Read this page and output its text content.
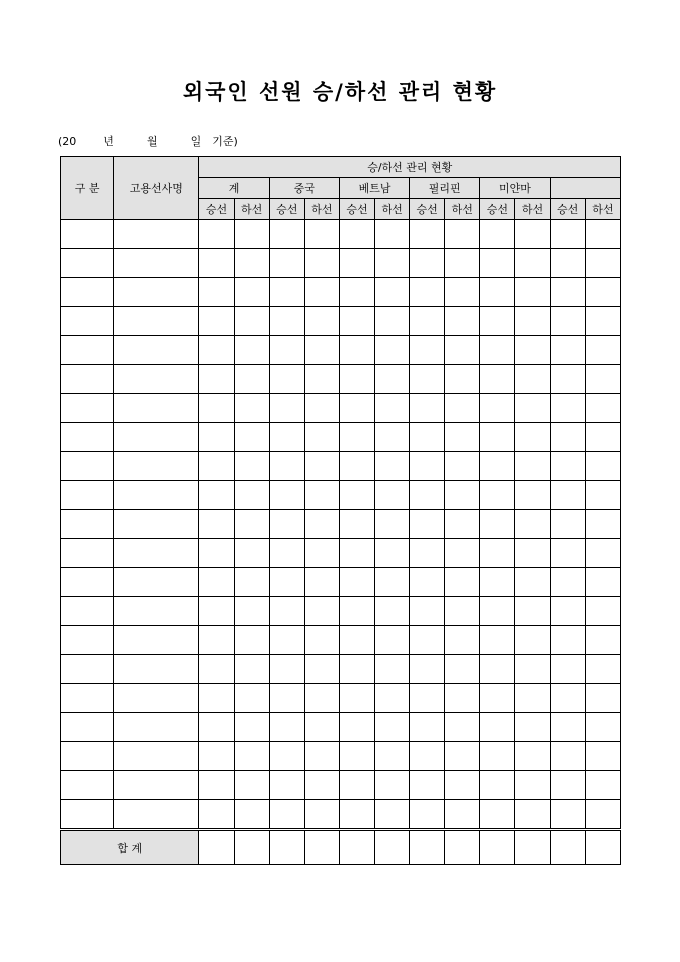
외국인 선원 승/하선 관리 현황
(20 년	월	일 기준)
구 분	고용선사명	승/하선 관리 현황											
		계		중국		베트남		필리핀		미얀마			
		승선	하선	승선	하선	승선	하선	승선	하선	승선	하선	승선	하선

합 계													
